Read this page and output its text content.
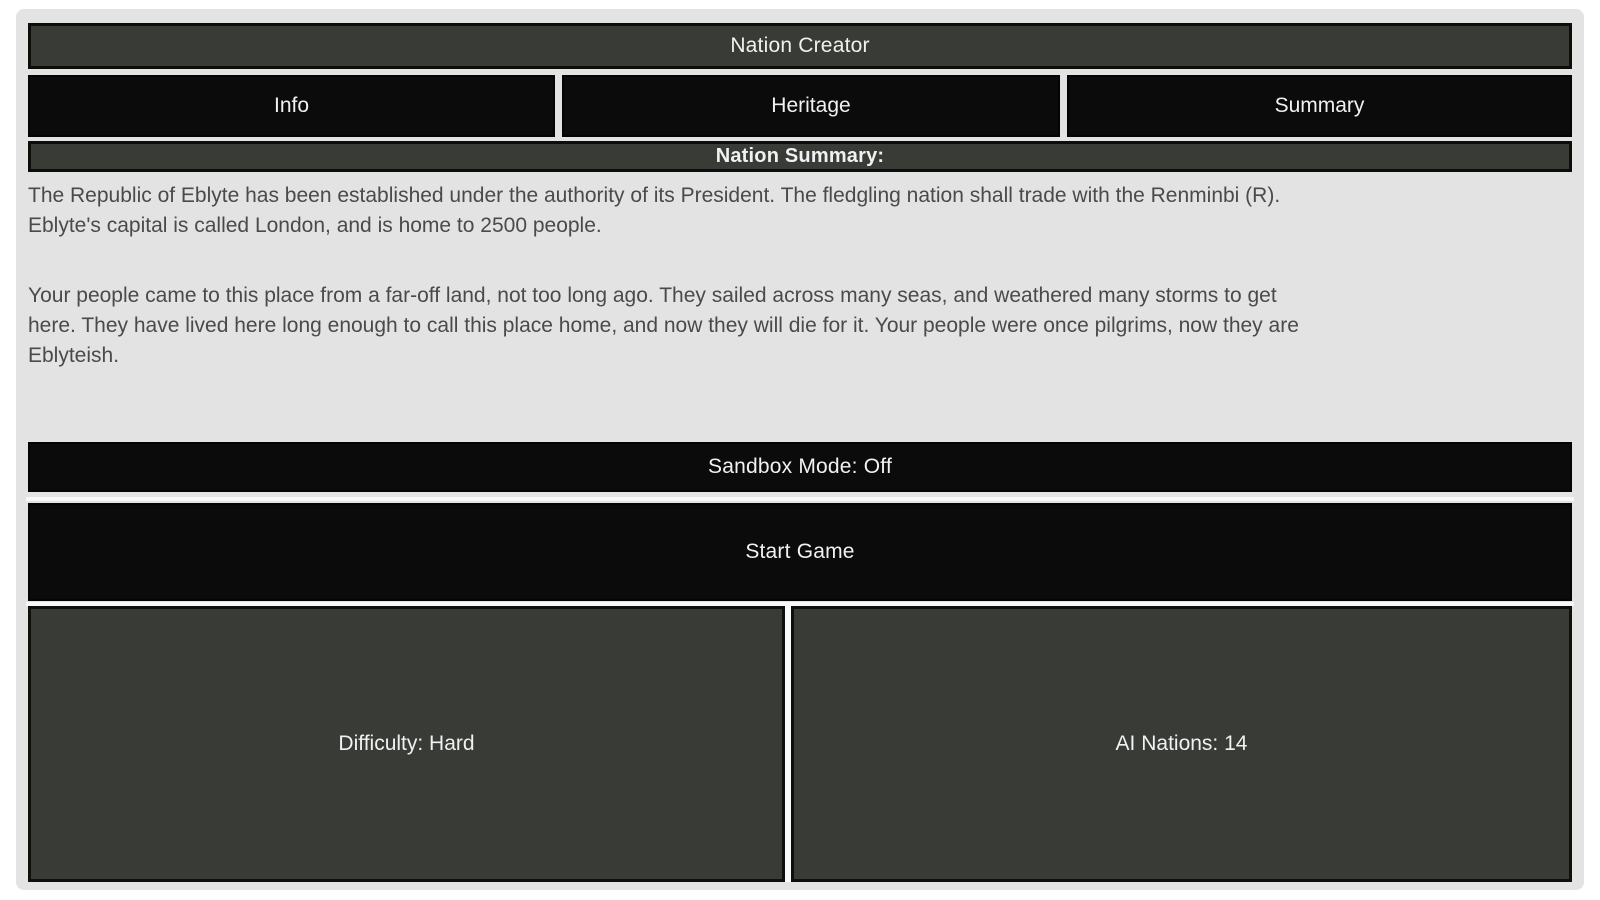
Nation Creator
Info	Heritage	Summary
Nation Summary:
The Republic of Eblyte has been established under the authority of its President. The fledgling nation shall trade with the Renminbi (R).
Eblyte's capital is called London, and is home to 2500 people.
Your people came to this place from a far-off land, not too long ago. They sailed across many seas, and weathered many storms to get
here. They have lived here long enough to call this place home, and now they will die for it. Your people were once pilgrims, now they are
Eblyteish.
Sandbox Mode: Off
Start Game
Difficulty: Hard	AI Nations: 14
